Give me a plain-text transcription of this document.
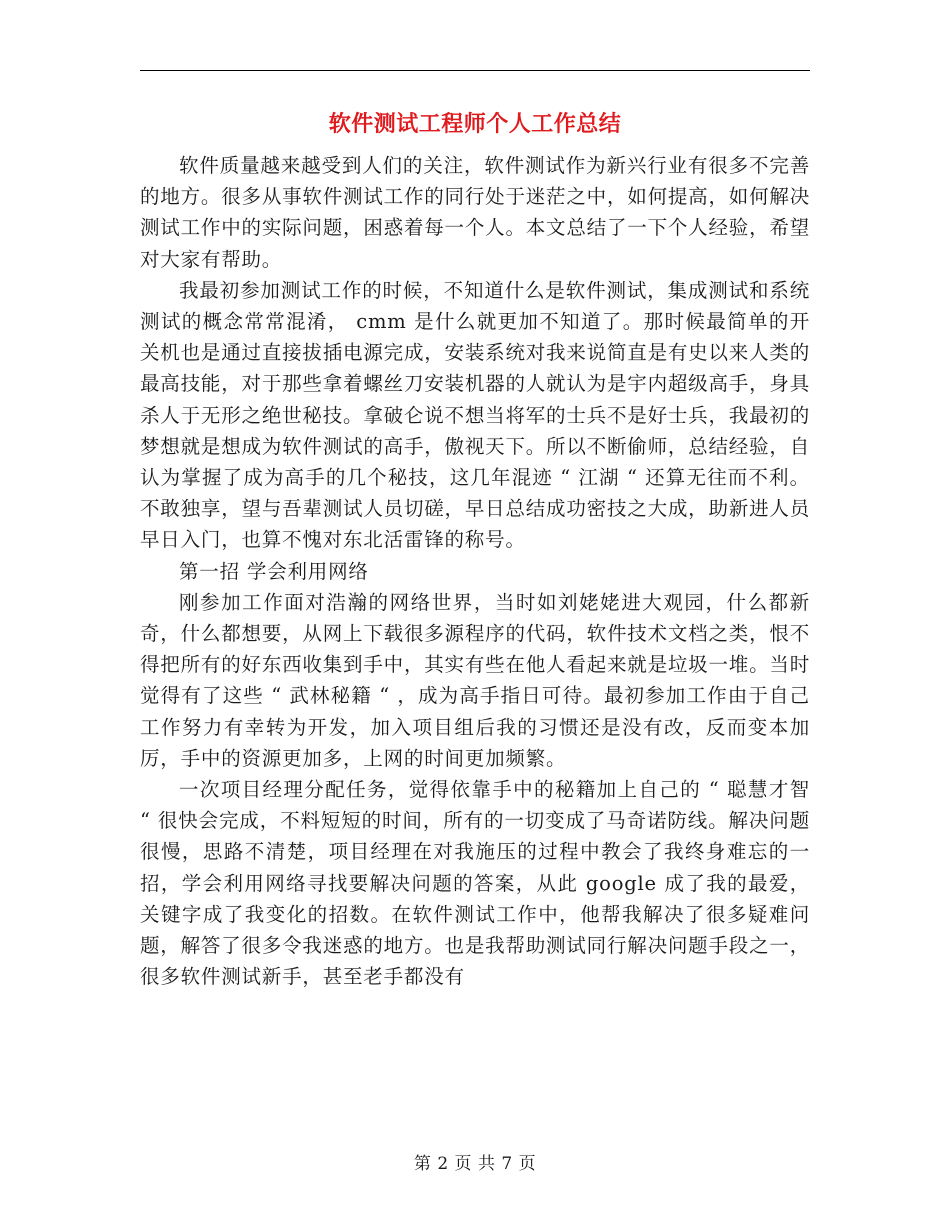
软件测试工程师个人工作总结

软件质量越来越受到人们的关注，软件测试作为新兴行业有很多不完善的地方。很多从事软件测试工作的同行处于迷茫之中，如何提高，如何解决测试工作中的实际问题，困惑着每一个人。本文总结了一下个人经验，希望对大家有帮助。

我最初参加测试工作的时候，不知道什么是软件测试，集成测试和系统测试的概念常常混淆， cmm 是什么就更加不知道了。那时候最简单的开关机也是通过直接拔插电源完成，安装系统对我来说简直是有史以来人类的最高技能，对于那些拿着螺丝刀安装机器的人就认为是宇内超级高手，身具杀人于无形之绝世秘技。拿破仑说不想当将军的士兵不是好士兵，我最初的梦想就是想成为软件测试的高手，傲视天下。所以不断偷师，总结经验，自认为掌握了成为高手的几个秘技，这几年混迹 “ 江湖 “ 还算无往而不利。不敢独享，望与吾辈测试人员切磋，早日总结成功密技之大成，助新进人员早日入门，也算不愧对东北活雷锋的称号。

第一招 学会利用网络

刚参加工作面对浩瀚的网络世界，当时如刘姥姥进大观园，什么都新奇，什么都想要，从网上下载很多源程序的代码，软件技术文档之类，恨不得把所有的好东西收集到手中，其实有些在他人看起来就是垃圾一堆。当时觉得有了这些 “ 武林秘籍 “ ，成为高手指日可待。最初参加工作由于自己工作努力有幸转为开发，加入项目组后我的习惯还是没有改，反而变本加厉，手中的资源更加多，上网的时间更加频繁。

一次项目经理分配任务，觉得依靠手中的秘籍加上自己的 “ 聪慧才智 “ 很快会完成，不料短短的时间，所有的一切变成了马奇诺防线。解决问题很慢，思路不清楚，项目经理在对我施压的过程中教会了我终身难忘的一招，学会利用网络寻找要解决问题的答案，从此 google 成了我的最爱，关键字成了我变化的招数。在软件测试工作中，他帮我解决了很多疑难问题，解答了很多令我迷惑的地方。也是我帮助测试同行解决问题手段之一，很多软件测试新手，甚至老手都没有

第 2 页 共 7 页
